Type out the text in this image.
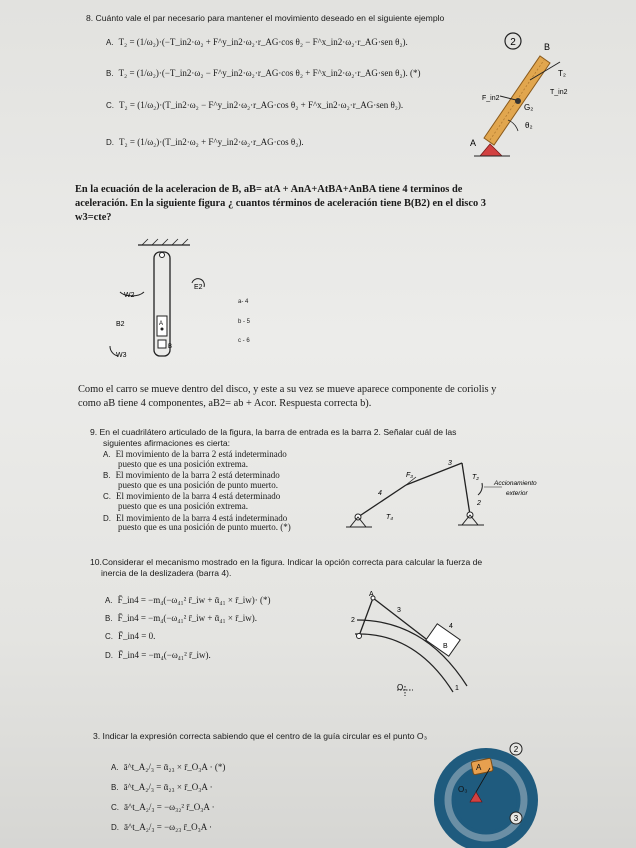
8. Cuánto vale el par necesario para mantener el movimiento deseado en el siguiente ejemplo
A. T₂ = (1/ω₂)·(−T_in2·ω₂ + F^y_in2·ω₂·r_AG·cos θ₂ − F^x_in2·ω₂·r_AG·sen θ₂).
B. T₂ = (1/ω₂)·(−T_in2·ω₂ − F^y_in2·ω₂·r_AG·cos θ₂ + F^x_in2·ω₂·r_AG·sen θ₂). (*)
C. T₂ = (1/ω₂)·(T_in2·ω₂ − F^y_in2·ω₂·r_AG·cos θ₂ + F^x_in2·ω₂·r_AG·sen θ₂).
D. T₂ = (1/ω₂)·(T_in2·ω₂ + F^y_in2·ω₂·r_AG·cos θ₂).
2	B
T₂
T_in2
F_in2
G₂
θ₂
A
En la ecuación de la aceleracion de B, aB= atA + AnA+AtBA+AnBA tiene 4 terminos de
aceleración. En la siguiente figura ¿ cuantos términos de aceleración tiene B(B2) en el disco 3
w3=cte?
W2
E2
B2	A
B
W3
a- 4
b - 5
c - 6
Como el carro se mueve dentro del disco, y este a su vez se mueve aparece componente de coriolis y
como aB tiene 4 componentes, aB2= ab + Acor. Respuesta correcta b).
9. En el cuadrilátero articulado de la figura, la barra de entrada es la barra 2. Señalar cuál de las
siguientes afirmaciones es cierta:
A. El movimiento de la barra 2 está indeterminado
puesto que es una posición extrema.
B. El movimiento de la barra 2 está determinado
puesto que es una posición de punto muerto.
C. El movimiento de la barra 4 está determinado
puesto que es una posición extrema.
D. El movimiento de la barra 4 está indeterminado
puesto que es una posición de punto muerto. (*)
3
4
2
F₃	T₂
T₄
Accionamiento
exterior
10.Considerar el mecanismo mostrado en la figura. Indicar la opción correcta para calcular la fuerza de
inercia de la deslizadera (barra 4).
A. F̄_in4 = −m₄(−ω₄₁² r̄_iw + ᾱ₄₁ × r̄_iw)· (*)
B. F̄_in4 = −m₄(−ω₄₁² r̄_iw + ᾱ₄₁ × r̄_iw).
C. F̄_in4 = 0.
D. F̄_in4 = −m₄(−ω₄₁² r̄_iw).
A
3
2
4
B
O	1
3. Indicar la expresión correcta sabiendo que el centro de la guía circular es el punto O₃
A. ā^t_A₂/₃ = ᾱ₂₃ × r̄_O₃A · (*)
B. ā^t_A₂/₃ = ᾱ₂₃ × r̄_O₃A ·
C. ā^t_A₂/₃ = −ω₃₂² r̄_O₃A ·
D. ā^t_A₂/₃ = −ω₂₃ r̄_O₃A ·
2
3
A
O₃
